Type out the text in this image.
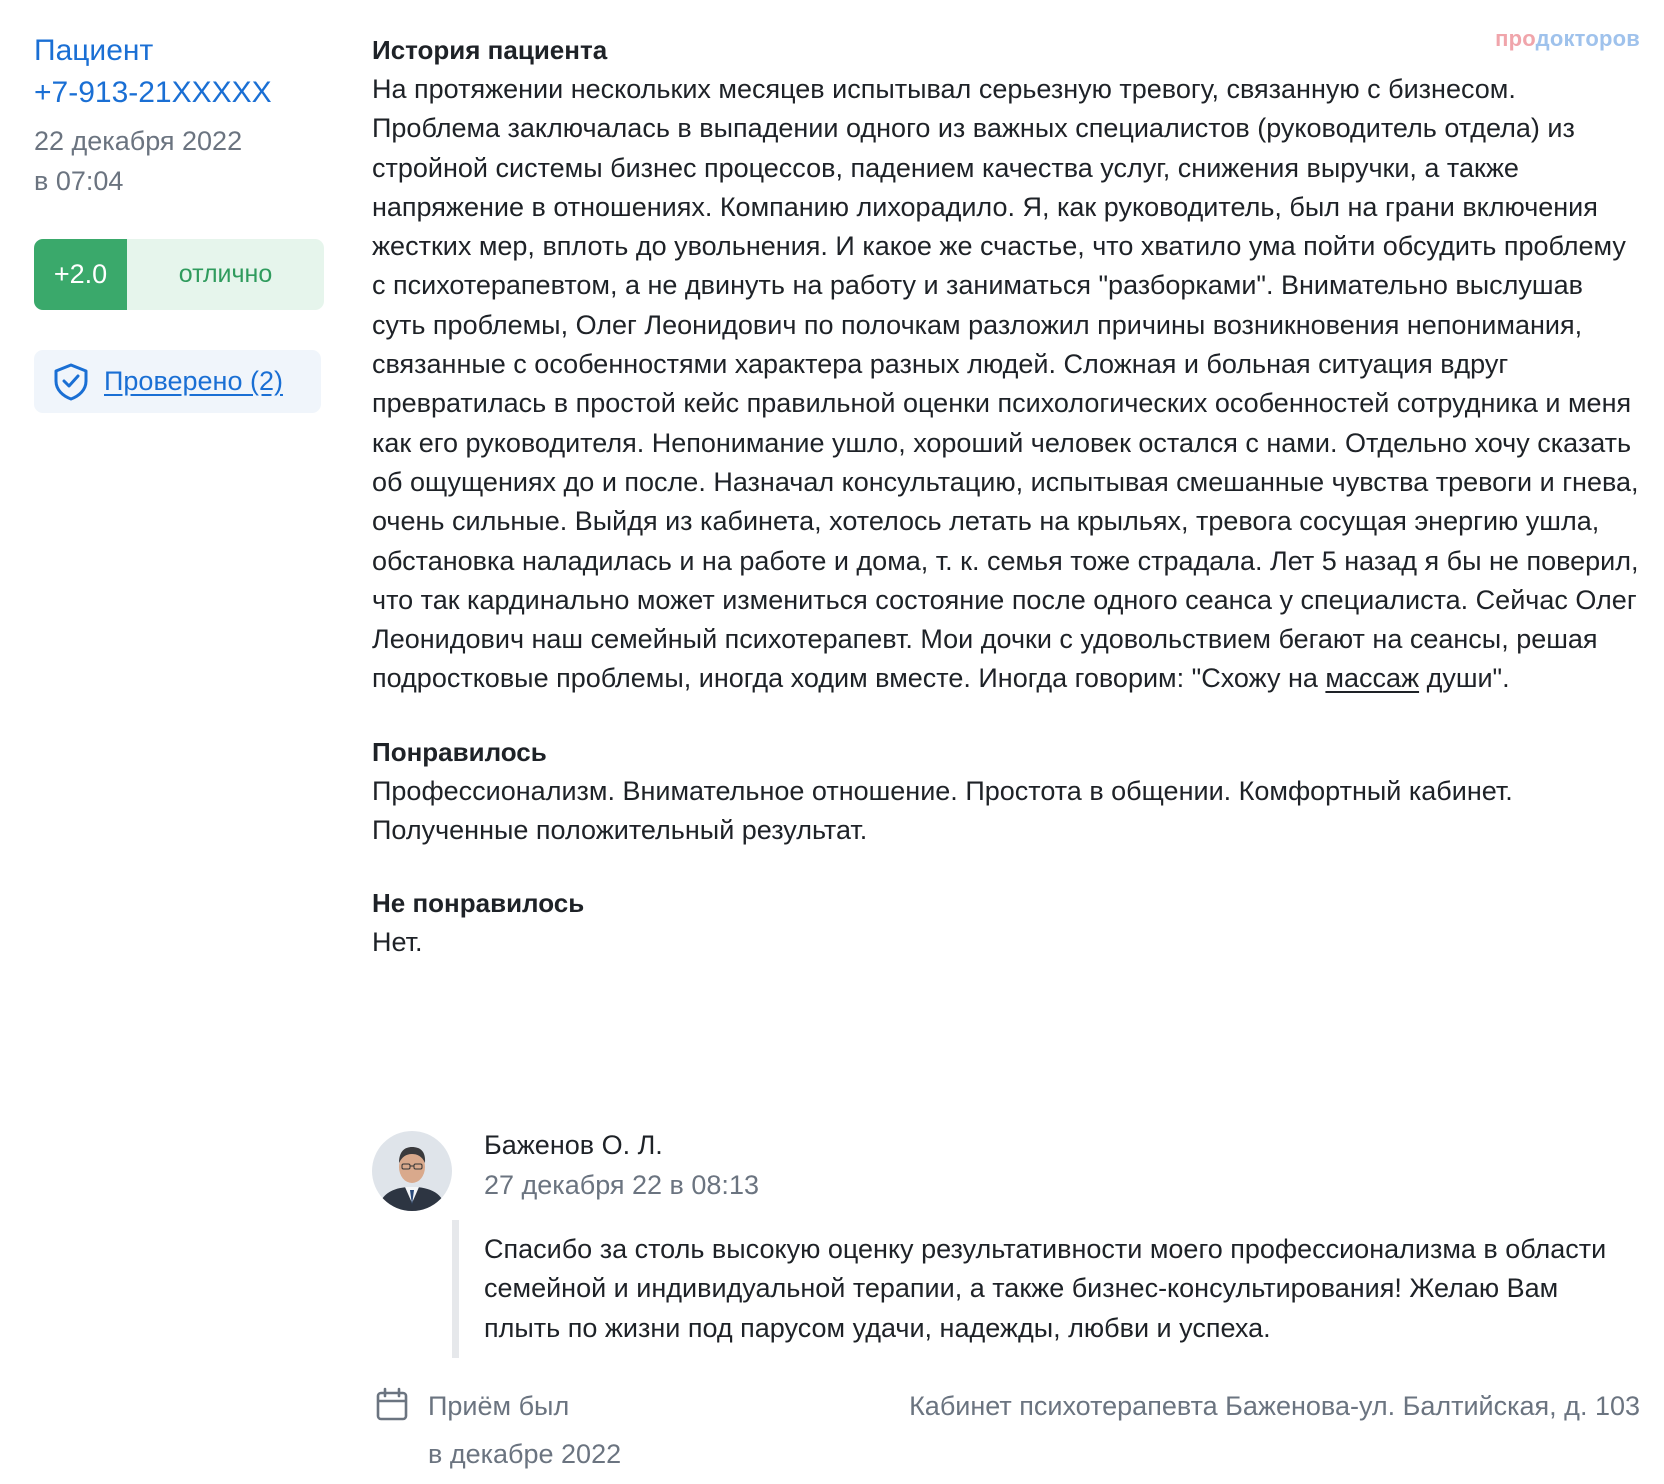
продокторов
Пациент
+7-913-21XXXXX
22 декабря 2022
в 07:04
+2.0	отлично
Проверено (2)
История пациента
На протяжении нескольких месяцев испытывал серьезную тревогу, связанную с бизнесом. Проблема заключалась в выпадении одного из важных специалистов (руководитель отдела) из стройной системы бизнес процессов, падением качества услуг, снижения выручки, а также напряжение в отношениях. Компанию лихорадило. Я, как руководитель, был на грани включения жестких мер, вплоть до увольнения. И какое же счастье, что хватило ума пойти обсудить проблему с психотерапевтом, а не двинуть на работу и заниматься "разборками". Внимательно выслушав суть проблемы, Олег Леонидович по полочкам разложил причины возникновения непонимания, связанные с особенностями характера разных людей. Сложная и больная ситуация вдруг превратилась в простой кейс правильной оценки психологических особенностей сотрудника и меня как его руководителя. Непонимание ушло, хороший человек остался с нами. Отдельно хочу сказать об ощущениях до и после. Назначал консультацию, испытывая смешанные чувства тревоги и гнева, очень сильные. Выйдя из кабинета, хотелось летать на крыльях, тревога сосущая энергию ушла, обстановка наладилась и на работе и дома, т. к. семья тоже страдала. Лет 5 назад я бы не поверил, что так кардинально может измениться состояние после одного сеанса у специалиста. Сейчас Олег Леонидович наш семейный психотерапевт. Мои дочки с удовольствием бегают на сеансы, решая подростковые проблемы, иногда ходим вместе. Иногда говорим: "Схожу на массаж души".
Понравилось
Профессионализм. Внимательное отношение. Простота в общении. Комфортный кабинет. Полученные положительный результат.
Не понравилось
Нет.
Баженов О. Л.
27 декабря 22 в 08:13
Спасибо за столь высокую оценку результативности моего профессионализма в области семейной и индивидуальной терапии, а также бизнес-консультирования! Желаю Вам плыть по жизни под парусом удачи, надежды, любви и успеха.
Приём был
в декабре 2022
Кабинет психотерапевта Баженова-ул. Балтийская, д. 103
